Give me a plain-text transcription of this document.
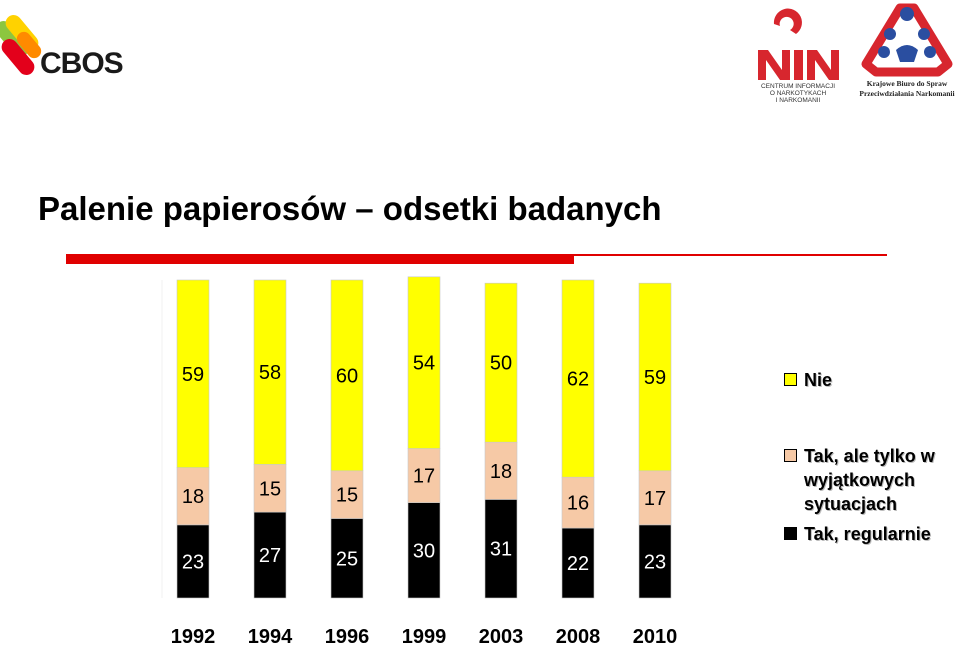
CBOS
CENTRUM INFORMACJI
O NARKOTYKACH
I NARKOMANII
Krajowe Biuro do Spraw
Przeciwdziałania Narkomanii
Palenie papierosów – odsetki badanych
23
18
59
1992
27
15
58
1994
25
15
60
1996
30
17
54
1999
31
18
50
2003
22
16
62
2008
23
17
59
2010
Nie
Tak, ale tylko w wyjątkowych sytuacjach
Tak, regularnie
